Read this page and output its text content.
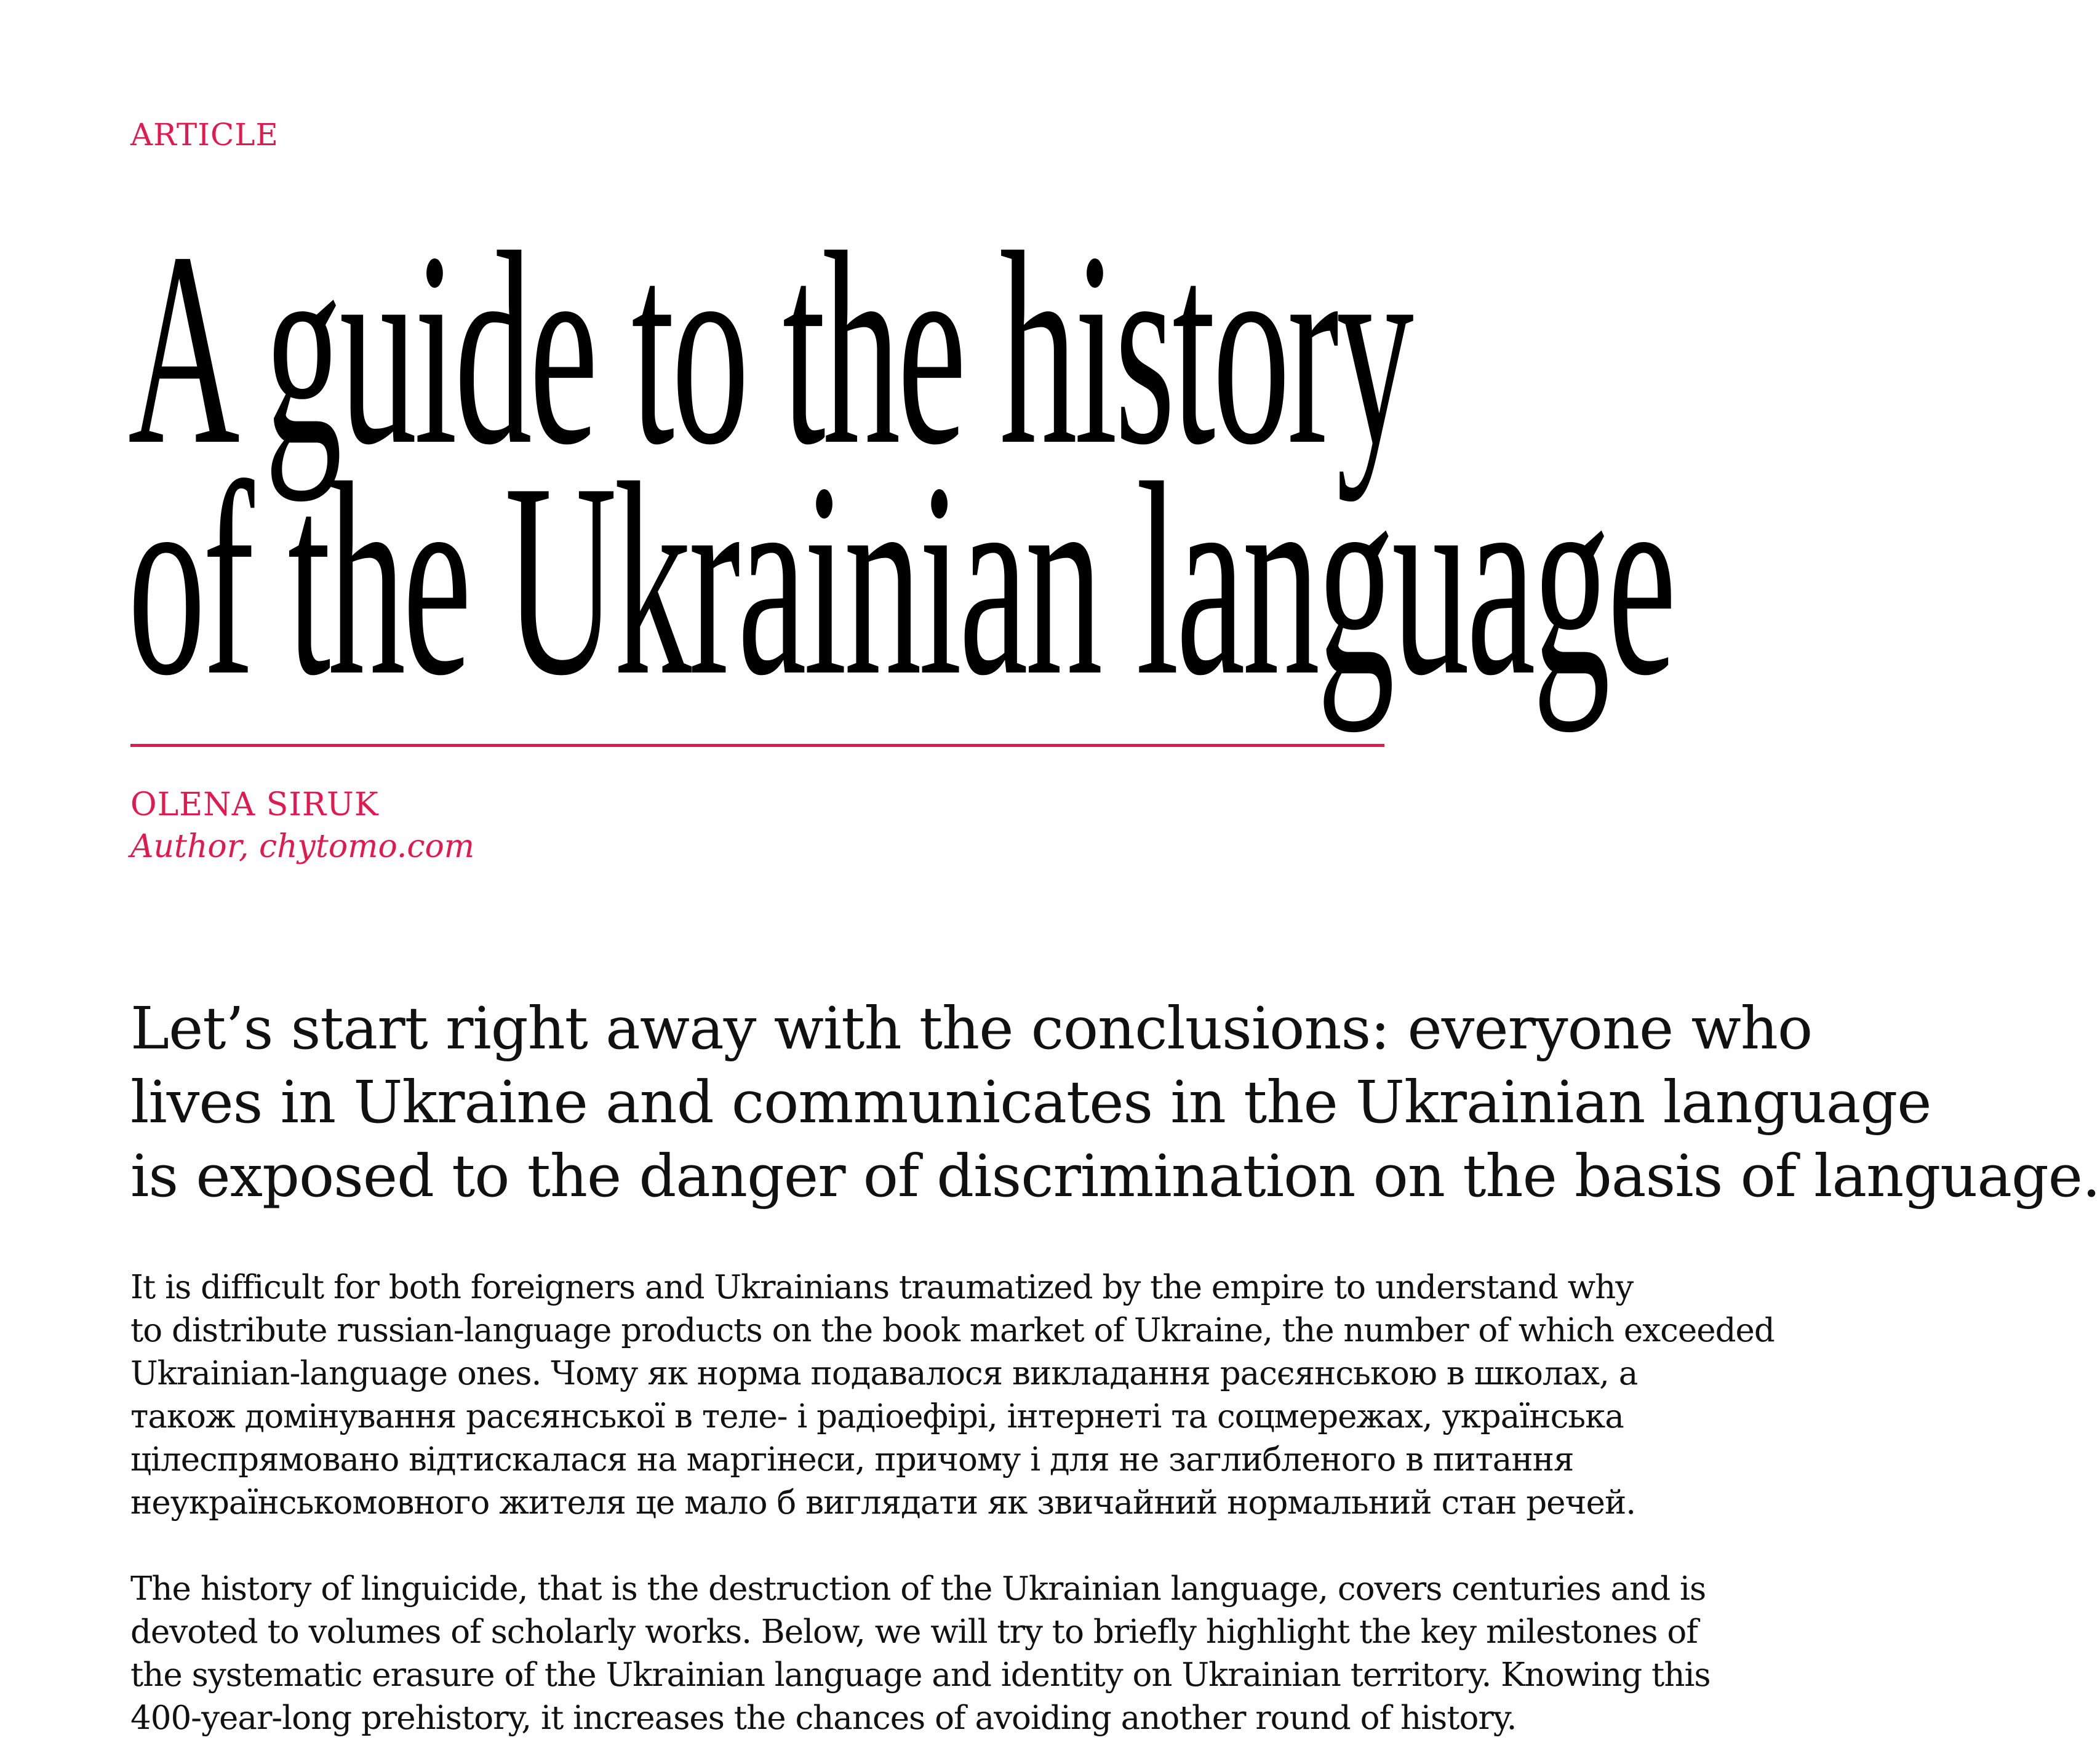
ARTICLE
A guide to the history
of the Ukrainian language
OLENA SIRUK
Author, chytomo.com

Let’s start right away with the conclusions: everyone who
lives in Ukraine and communicates in the Ukrainian language
is exposed to the danger of discrimination on the basis of language.

It is difficult for both foreigners and Ukrainians traumatized by the empire to understand why
to distribute russian-language products on the book market of Ukraine, the number of which exceeded
Ukrainian-language ones. Чому як норма подавалося викладання расєянською в школах, а
також домінування расєянської в теле- і радіоефірі, інтернеті та соцмережах, українська
цілеспрямовано відтискалася на маргінеси, причому і для не заглибленого в питання
неукраїнськомовного жителя це мало б виглядати як звичайний нормальний стан речей.

The history of linguicide, that is the destruction of the Ukrainian language, covers centuries and is
devoted to volumes of scholarly works. Below, we will try to briefly highlight the key milestones of
the systematic erasure of the Ukrainian language and identity on Ukrainian territory. Knowing this
400-year-long prehistory, it increases the chances of avoiding another round of history.
